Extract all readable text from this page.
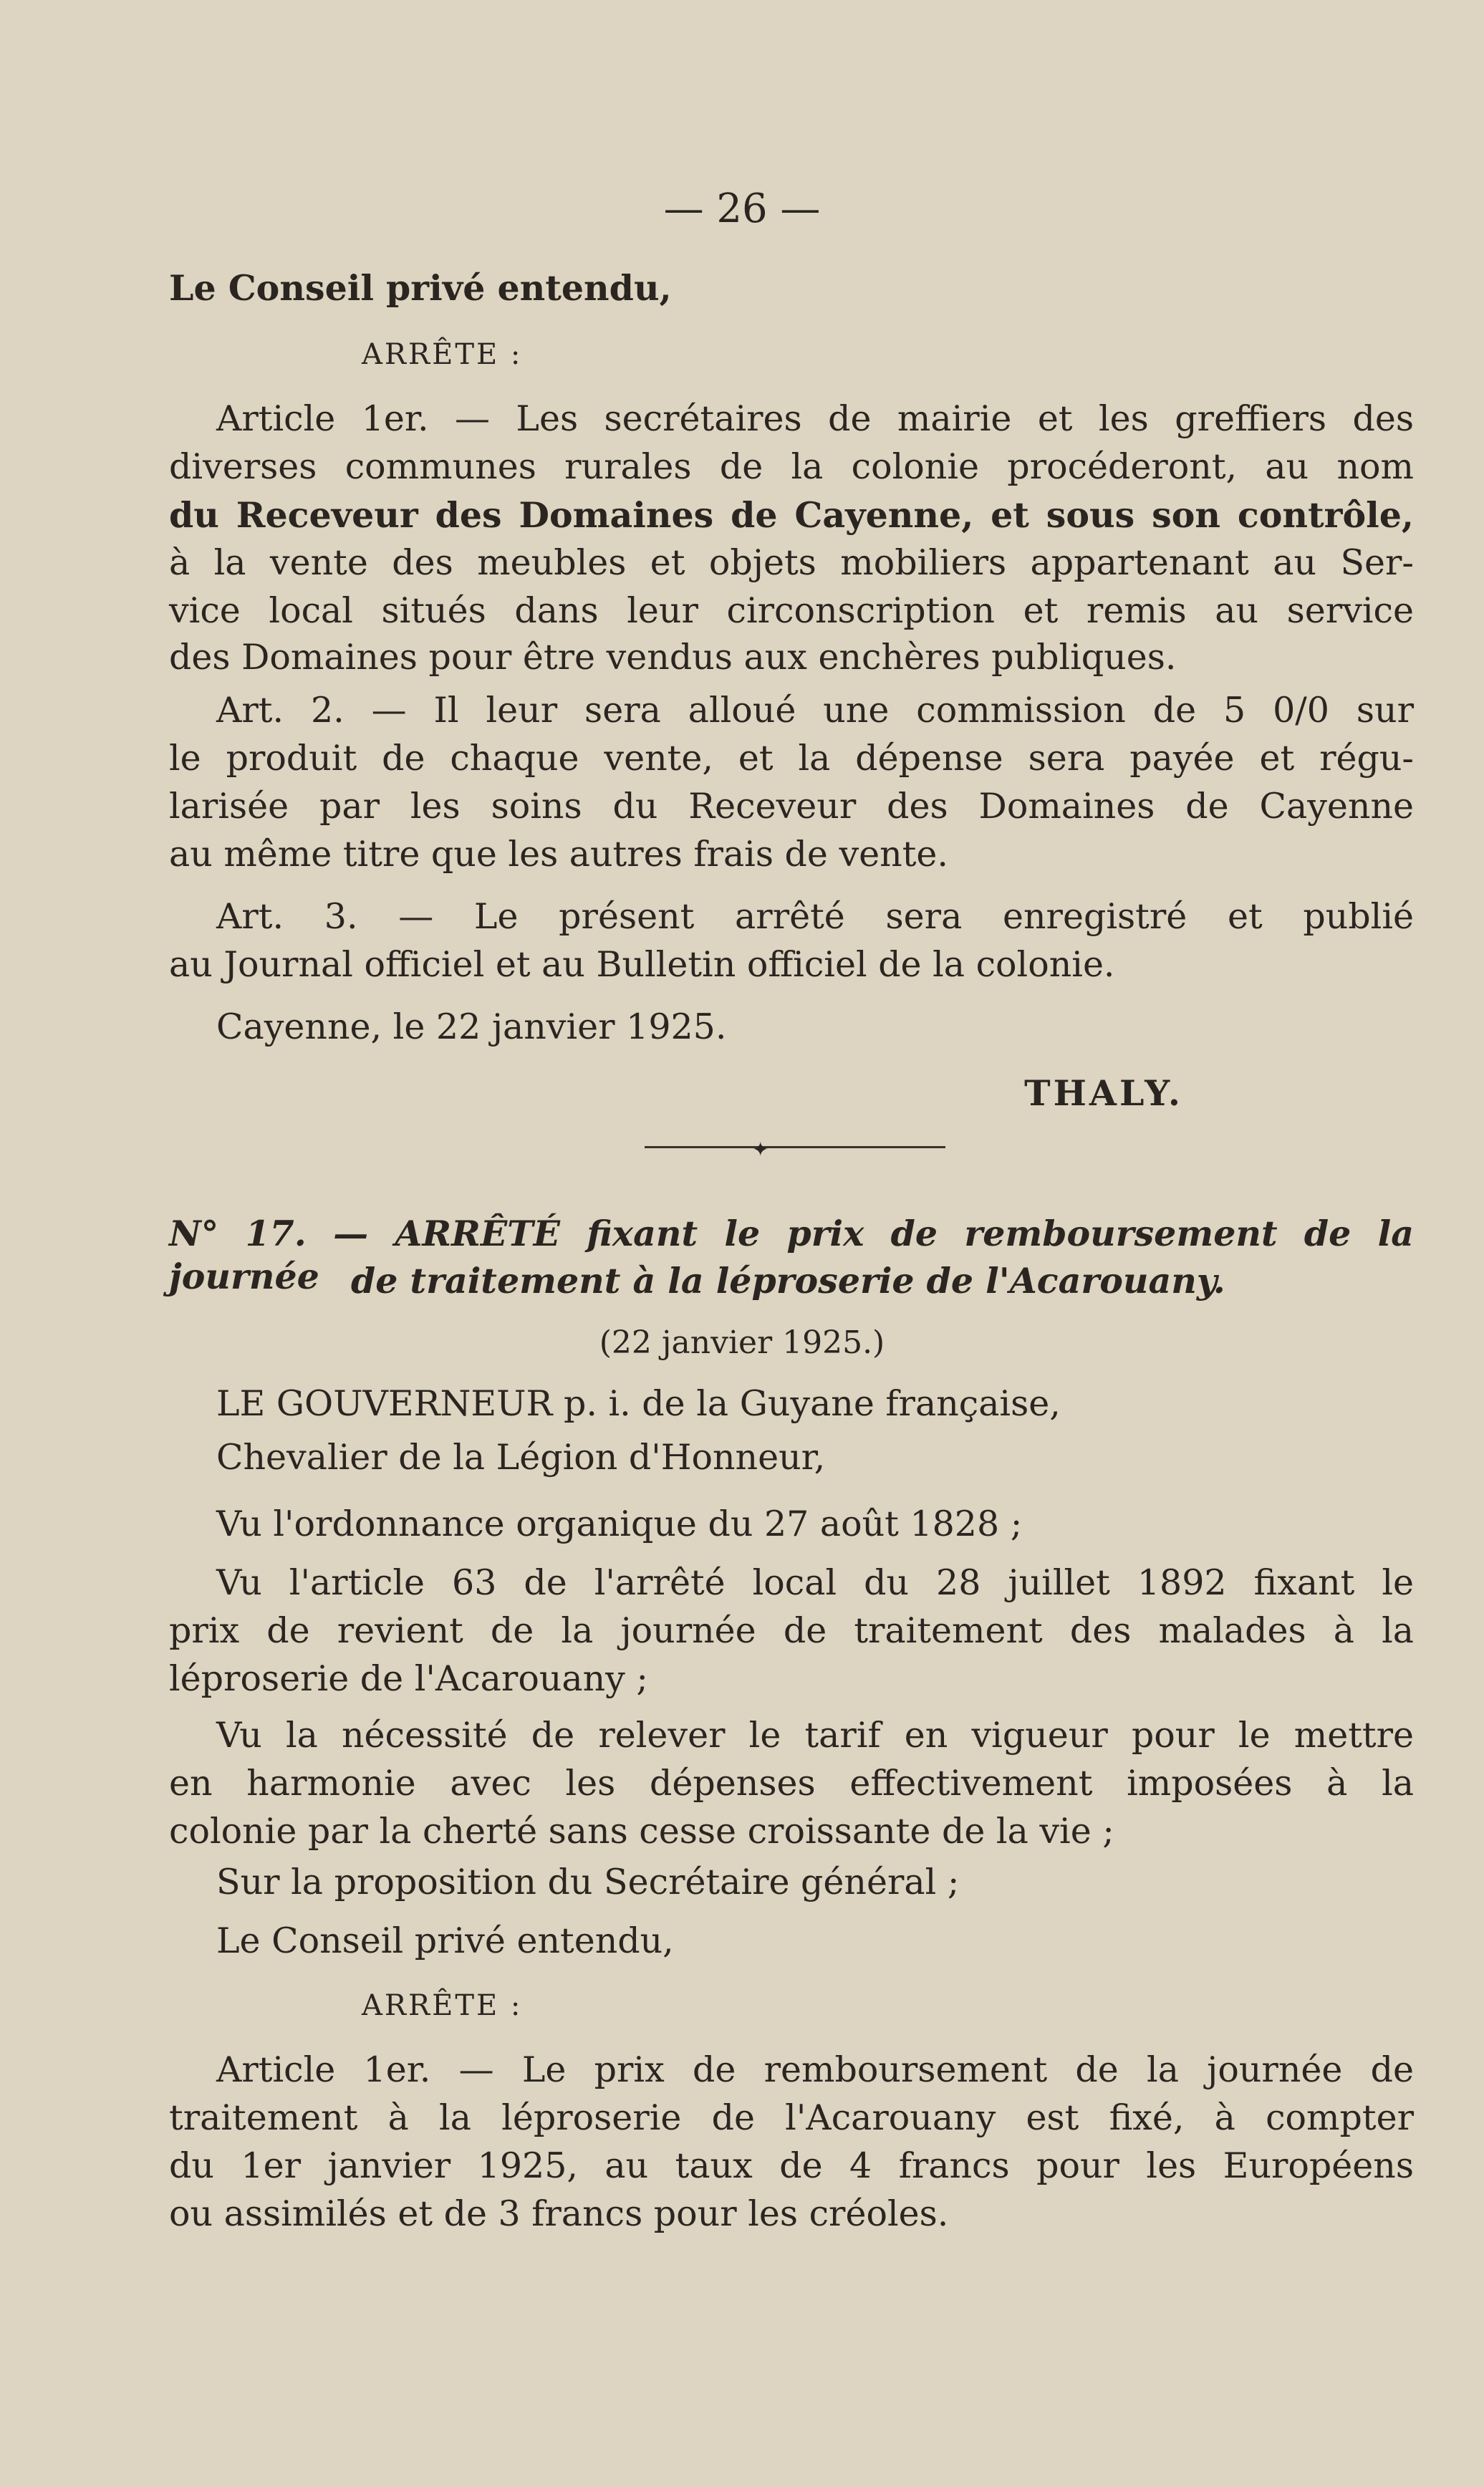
— 26 —
Le Conseil privé entendu,
ARRÊTE :
Article 1er. — Les secrétaires de mairie et les greffiers des
diverses communes rurales de la colonie procéderont, au nom
du Receveur des Domaines de Cayenne, et sous son contrôle,
à la vente des meubles et objets mobiliers appartenant au Ser-
vice local situés dans leur circonscription et remis au service
des Domaines pour être vendus aux enchères publiques.
Art. 2. — Il leur sera alloué une commission de 5 0/0 sur
le produit de chaque vente, et la dépense sera payée et régu-
larisée par les soins du Receveur des Domaines de Cayenne
au même titre que les autres frais de vente.
Art. 3. — Le présent arrêté sera enregistré et publié
au Journal officiel et au Bulletin officiel de la colonie.
Cayenne, le 22 janvier 1925.
THALY.
✦
N° 17. — ARRÊTÉ fixant le prix de remboursement de la journée de traitement à la léproserie de l'Acarouany.
(22 janvier 1925.)
LE GOUVERNEUR p. i. de la Guyane française,
Chevalier de la Légion d'Honneur,
Vu l'ordonnance organique du 27 août 1828 ;
Vu l'article 63 de l'arrêté local du 28 juillet 1892 fixant le
prix de revient de la journée de traitement des malades à la
léproserie de l'Acarouany ;
Vu la nécessité de relever le tarif en vigueur pour le mettre
en harmonie avec les dépenses effectivement imposées à la
colonie par la cherté sans cesse croissante de la vie ;
Sur la proposition du Secrétaire général ;
Le Conseil privé entendu,
ARRÊTE :
Article 1er. — Le prix de remboursement de la journée de
traitement à la léproserie de l'Acarouany est fixé, à compter
du 1er janvier 1925, au taux de 4 francs pour les Européens
ou assimilés et de 3 francs pour les créoles.
